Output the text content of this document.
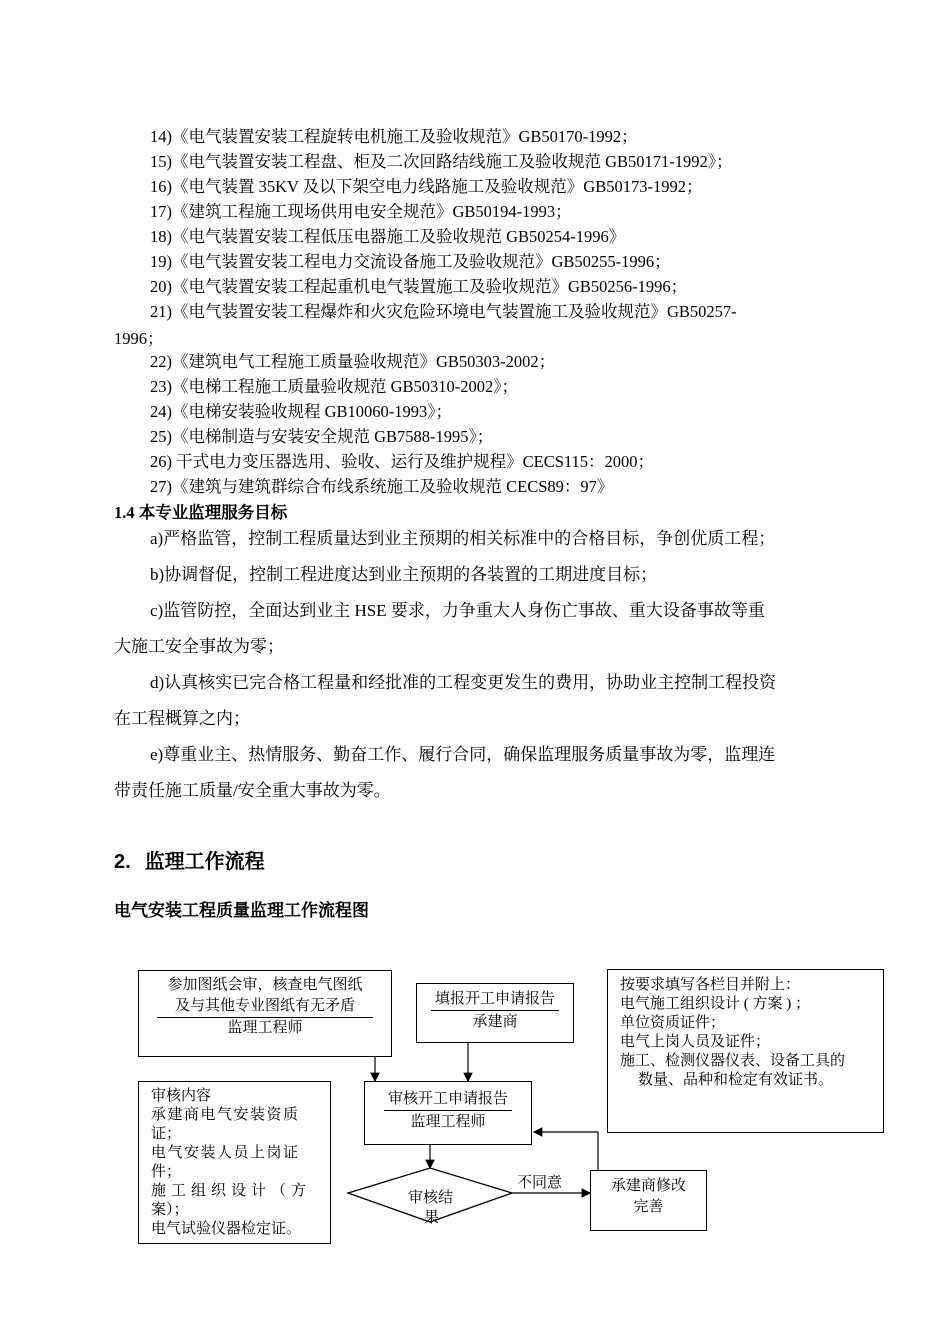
14)《电气装置安装工程旋转电机施工及验收规范》GB50170-1992；
15)《电气装置安装工程盘、柜及二次回路结线施工及验收规范 GB50171-1992》；
16)《电气装置 35KV 及以下架空电力线路施工及验收规范》GB50173-1992；
17)《建筑工程施工现场供用电安全规范》GB50194-1993；
18)《电气装置安装工程低压电器施工及验收规范 GB50254-1996》
19)《电气装置安装工程电力交流设备施工及验收规范》GB50255-1996；
20)《电气装置安装工程起重机电气装置施工及验收规范》GB50256-1996；
21)《电气装置安装工程爆炸和火灾危险环境电气装置施工及验收规范》GB50257-
1996；
22)《建筑电气工程施工质量验收规范》GB50303-2002；
23)《电梯工程施工质量验收规范 GB50310-2002》；
24)《电梯安装验收规程 GB10060-1993》；
25)《电梯制造与安装安全规范 GB7588-1995》；
26) 干式电力变压器选用、验收、运行及维护规程》CECS115：2000；
27)《建筑与建筑群综合布线系统施工及验收规范 CECS89：97》
1.4 本专业监理服务目标
a)严格监管，控制工程质量达到业主预期的相关标准中的合格目标，争创优质工程；
b)协调督促，控制工程进度达到业主预期的各装置的工期进度目标；
c)监管防控，全面达到业主 HSE 要求，力争重大人身伤亡事故、重大设备事故等重
大施工安全事故为零；
d)认真核实已完合格工程量和经批准的工程变更发生的费用，协助业主控制工程投资
在工程概算之内；
e)尊重业主、热情服务、勤奋工作、履行合同，确保监理服务质量事故为零，监理连
带责任施工质量/安全重大事故为零。
2. 监理工作流程
电气安装工程质量监理工作流程图
参加图纸会审，核查电气图纸
及与其他专业图纸有无矛盾
监理工程师
填报开工申请报告
承建商
按要求填写各栏目并附上：
电气施工组织设计 ( 方案 ) ；
单位资质证件；
电气上岗人员及证件；
施工、检测仪器仪表、设备工具的
数量、品种和检定有效证书。
审核内容
承建商电气安装资质
证；
电气安装人员上岗证
件；
施工组织设计（方
案）；
电气试验仪器检定证。
审核开工申请报告
监理工程师
审核结
果
不同意	承建商修改
完善
